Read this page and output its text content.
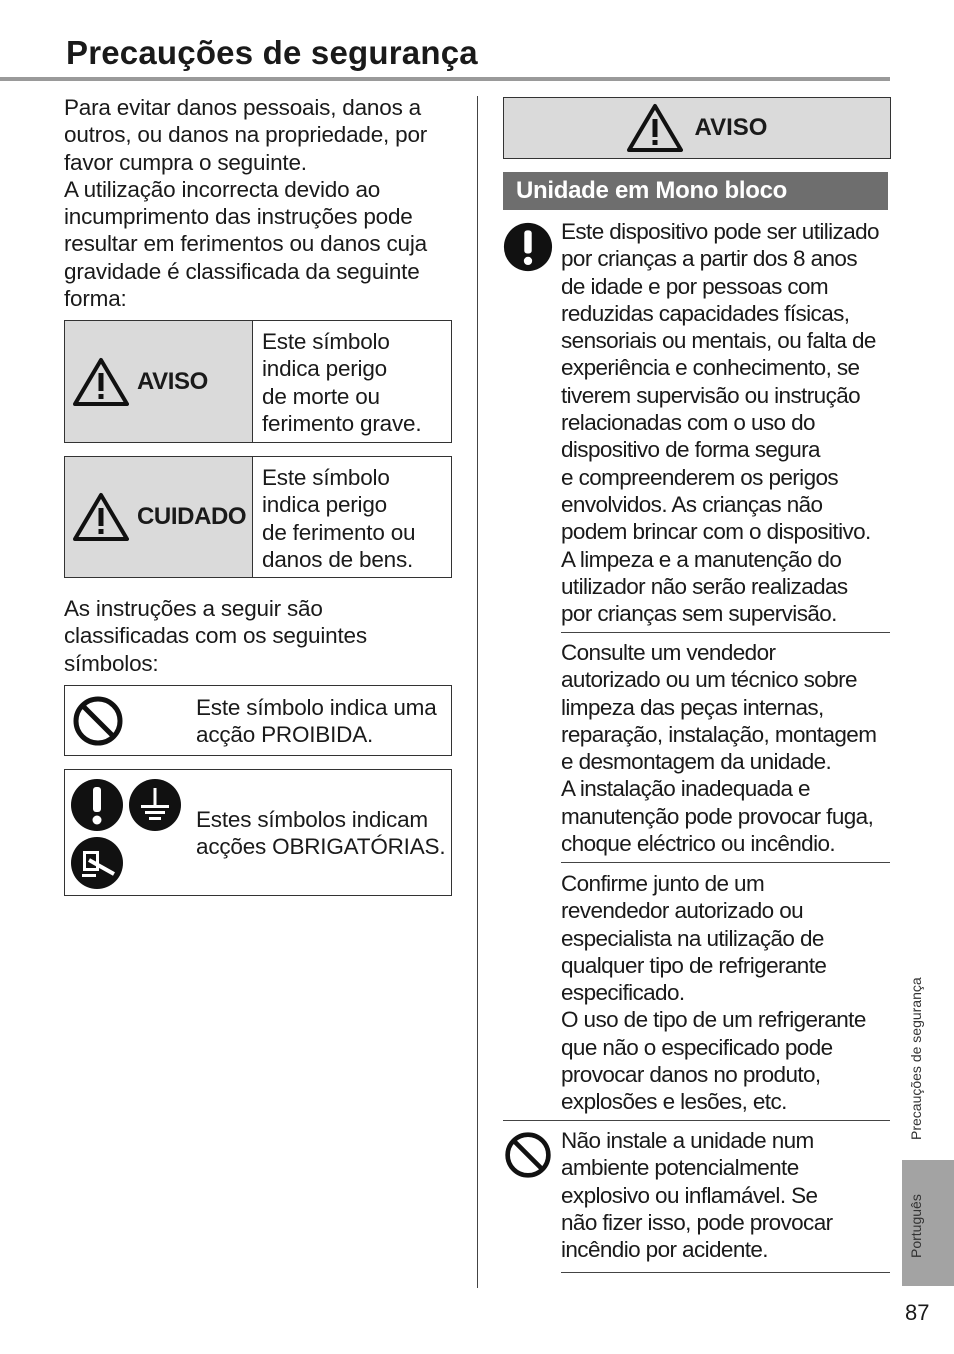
Precauções de segurança
Para evitar danos pessoais, danos a
outros, ou danos na propriedade, por
favor cumpra o seguinte.
A utilização incorrecta devido ao
incumprimento das instruções pode
resultar em ferimentos ou danos cuja
gravidade é classificada da seguinte
forma:
AVISO
Este símbolo
indica perigo
de morte ou
ferimento grave.
CUIDADO
Este símbolo
indica perigo
de ferimento ou
danos de bens.
As instruções a seguir são
classificadas com os seguintes
símbolos:
Este símbolo indica uma
acção PROIBIDA.
Estes símbolos indicam
acções OBRIGATÓRIAS.
AVISO
Unidade em Mono bloco
Este dispositivo pode ser utilizado
por crianças a partir dos 8 anos
de idade e por pessoas com
reduzidas capacidades físicas,
sensoriais ou mentais, ou falta de
experiência e conhecimento, se
tiverem supervisão ou instrução
relacionadas com o uso do
dispositivo de forma segura
e compreenderem os perigos
envolvidos. As crianças não
podem brincar com o dispositivo.
A limpeza e a manutenção do
utilizador não serão realizadas
por crianças sem supervisão.
Consulte um vendedor
autorizado ou um técnico sobre
limpeza das peças internas,
reparação, instalação, montagem
e desmontagem da unidade.
A instalação inadequada e
manutenção pode provocar fuga,
choque eléctrico ou incêndio.
Confirme junto de um
revendedor autorizado ou
especialista na utilização de
qualquer tipo de refrigerante
especificado.
O uso de tipo de um refrigerante
que não o especificado pode
provocar danos no produto,
explosões e lesões, etc.
Não instale a unidade num
ambiente potencialmente
explosivo ou inflamável. Se
não fizer isso, pode provocar
incêndio por acidente.
Precauções de segurança
Português
87
